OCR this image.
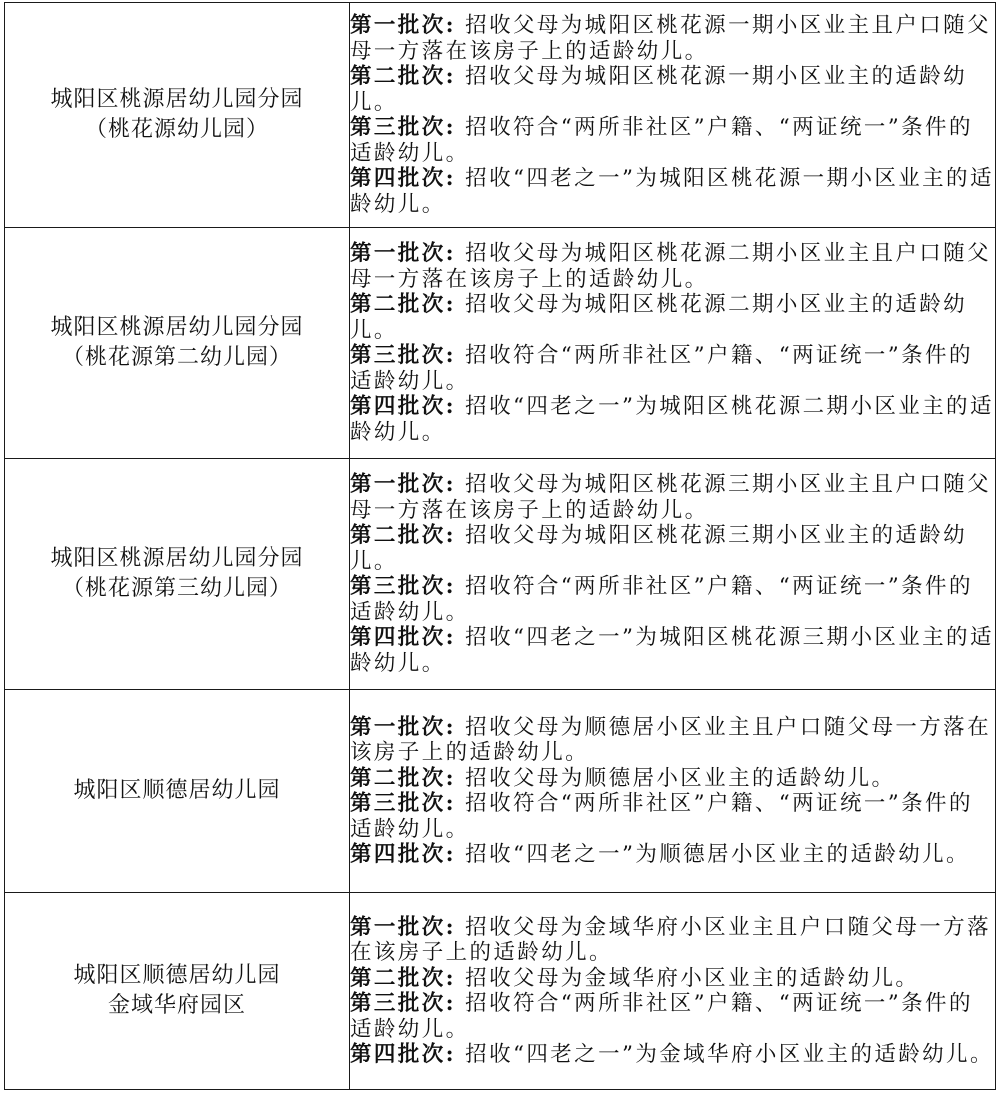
城阳区桃源居幼儿园分园
（桃花源幼儿园）	第一批次: 招收父母为城阳区桃花源一期小区业主且户口随父母一方落在该房子上的适龄幼儿。
第二批次: 招收父母为城阳区桃花源一期小区业主的适龄幼儿。
第三批次: 招收符合“两所非社区”户籍、“两证统一”条件的适龄幼儿。
第四批次: 招收“四老之一”为城阳区桃花源一期小区业主的适龄幼儿。

城阳区桃源居幼儿园分园
（桃花源第二幼儿园）	第一批次: 招收父母为城阳区桃花源二期小区业主且户口随父母一方落在该房子上的适龄幼儿。
第二批次: 招收父母为城阳区桃花源二期小区业主的适龄幼儿。
第三批次: 招收符合“两所非社区”户籍、“两证统一”条件的适龄幼儿。
第四批次: 招收“四老之一”为城阳区桃花源二期小区业主的适龄幼儿。

城阳区桃源居幼儿园分园
（桃花源第三幼儿园）	第一批次: 招收父母为城阳区桃花源三期小区业主且户口随父母一方落在该房子上的适龄幼儿。
第二批次: 招收父母为城阳区桃花源三期小区业主的适龄幼儿。
第三批次: 招收符合“两所非社区”户籍、“两证统一”条件的适龄幼儿。
第四批次: 招收“四老之一”为城阳区桃花源三期小区业主的适龄幼儿。

城阳区顺德居幼儿园	第一批次: 招收父母为顺德居小区业主且户口随父母一方落在该房子上的适龄幼儿。
第二批次: 招收父母为顺德居小区业主的适龄幼儿。
第三批次: 招收符合“两所非社区”户籍、“两证统一”条件的适龄幼儿。
第四批次: 招收“四老之一”为顺德居小区业主的适龄幼儿。

城阳区顺德居幼儿园
金域华府园区	第一批次: 招收父母为金域华府小区业主且户口随父母一方落在该房子上的适龄幼儿。
第二批次: 招收父母为金域华府小区业主的适龄幼儿。
第三批次: 招收符合“两所非社区”户籍、“两证统一”条件的适龄幼儿。
第四批次: 招收“四老之一”为金域华府小区业主的适龄幼儿。
